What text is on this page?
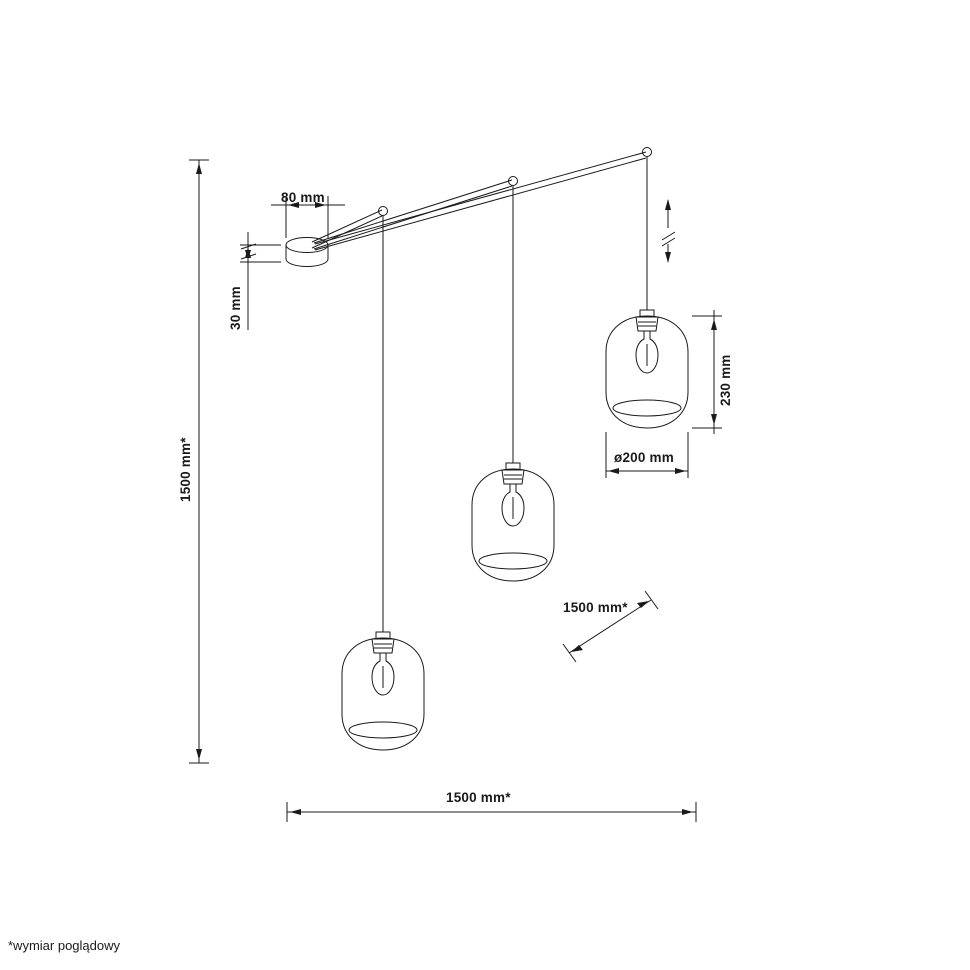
80 mm
30 mm
1500 mm*
230 mm
ø200 mm
1500 mm*
1500 mm*
*wymiar poglądowy
